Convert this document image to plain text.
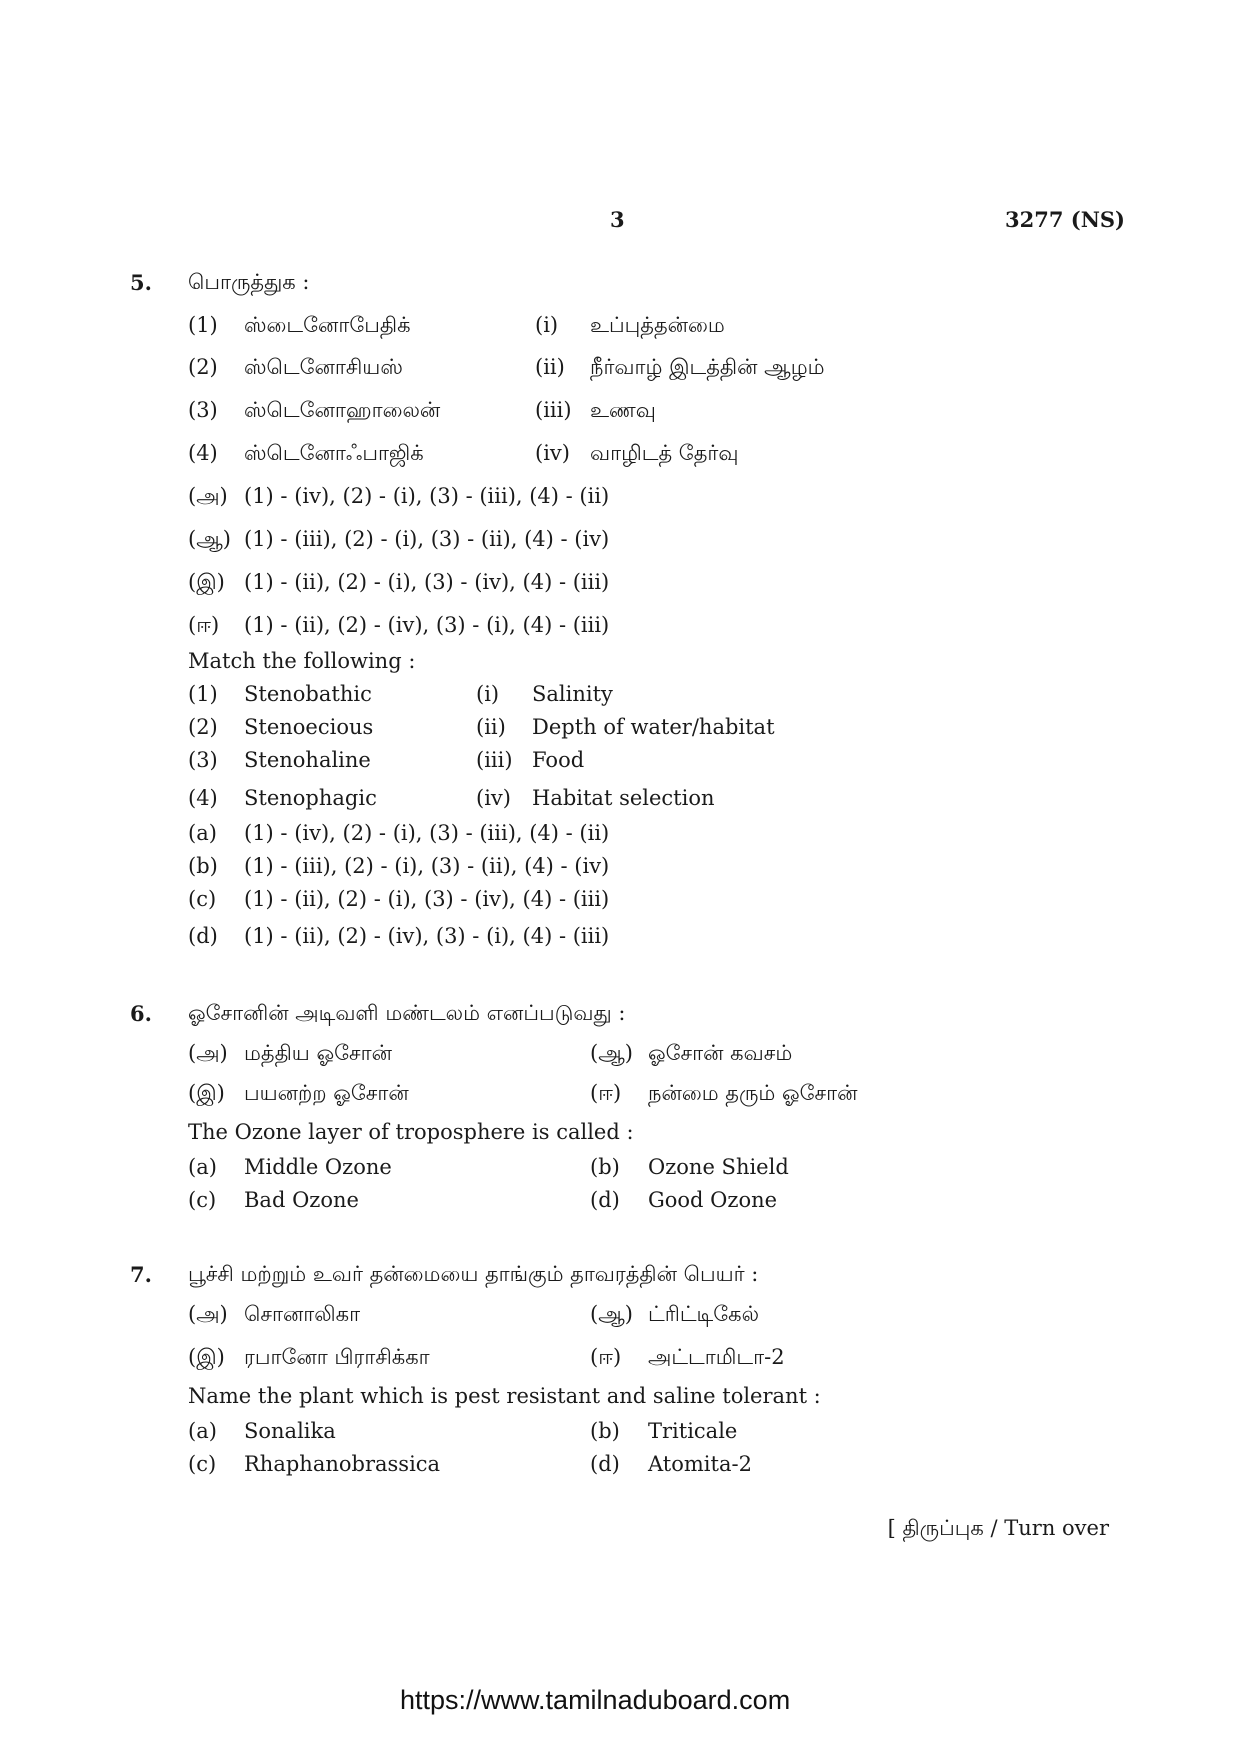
3	3277 (NS)
5. பொருத்துக :
(1) ஸ்டைனோபேதிக்	(i) உப்புத்தன்மை
(2) ஸ்டெனோசியஸ்	(ii) நீர்வாழ் இடத்தின் ஆழம்
(3) ஸ்டெனோஹாலைன்	(iii) உணவு
(4) ஸ்டெனோஃபாஜிக்	(iv) வாழிடத் தேர்வு
(அ) (1) - (iv), (2) - (i), (3) - (iii), (4) - (ii)
(ஆ) (1) - (iii), (2) - (i), (3) - (ii), (4) - (iv)
(இ) (1) - (ii), (2) - (i), (3) - (iv), (4) - (iii)
(ஈ) (1) - (ii), (2) - (iv), (3) - (i), (4) - (iii)
Match the following :
(1) Stenobathic	(i) Salinity
(2) Stenoecious	(ii) Depth of water/habitat
(3) Stenohaline	(iii) Food
(4) Stenophagic	(iv) Habitat selection
(a) (1) - (iv), (2) - (i), (3) - (iii), (4) - (ii)
(b) (1) - (iii), (2) - (i), (3) - (ii), (4) - (iv)
(c) (1) - (ii), (2) - (i), (3) - (iv), (4) - (iii)
(d) (1) - (ii), (2) - (iv), (3) - (i), (4) - (iii)
6. ஓசோனின் அடிவளி மண்டலம் எனப்படுவது :
(அ) மத்திய ஓசோன்	(ஆ) ஓசோன் கவசம்
(இ) பயனற்ற ஓசோன்	(ஈ) நன்மை தரும் ஓசோன்
The Ozone layer of troposphere is called :
(a) Middle Ozone	(b) Ozone Shield
(c) Bad Ozone	(d) Good Ozone
7. பூச்சி மற்றும் உவர் தன்மையை தாங்கும் தாவரத்தின் பெயர் :
(அ) சொனாலிகா	(ஆ) ட்ரிட்டிகேல்
(இ) ரபானோ பிராசிக்கா	(ஈ) அட்டாமிடா-2
Name the plant which is pest resistant and saline tolerant :
(a) Sonalika	(b) Triticale
(c) Rhaphanobrassica	(d) Atomita-2
[ திருப்புக / Turn over
https://www.tamilnaduboard.com
